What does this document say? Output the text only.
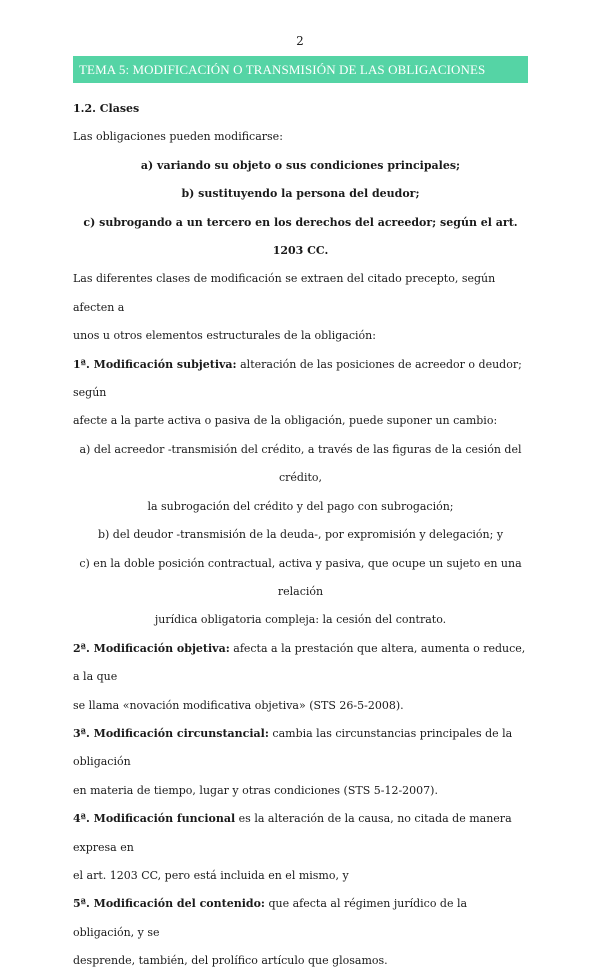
2
TEMA 5: MODIFICACIÓN O TRANSMISIÓN DE LAS OBLIGACIONES

1.2. Clases

Las obligaciones pueden modificarse:

a) variando su objeto o sus condiciones principales;

b) sustituyendo la persona del deudor;

c) subrogando a un tercero en los derechos del acreedor; según el art. 1203 CC.

Las diferentes clases de modificación se extraen del citado precepto, según afecten a

unos u otros elementos estructurales de la obligación:

1ª. Modificación subjetiva: alteración de las posiciones de acreedor o deudor; según

afecte a la parte activa o pasiva de la obligación, puede suponer un cambio:

a) del acreedor -transmisión del crédito, a través de las figuras de la cesión del crédito,

la subrogación del crédito y del pago con subrogación;

b) del deudor -transmisión de la deuda-, por expromisión y delegación; y

c) en la doble posición contractual, activa y pasiva, que ocupe un sujeto en una relación

jurídica obligatoria compleja: la cesión del contrato.

2ª. Modificación objetiva: afecta a la prestación que altera, aumenta o reduce, a la que

se llama «novación modificativa objetiva» (STS 26-5-2008).

3ª. Modificación circunstancial: cambia las circunstancias principales de la obligación

en materia de tiempo, lugar y otras condiciones (STS 5-12-2007).

4ª. Modificación funcional es la alteración de la causa, no citada de manera expresa en

el art. 1203 CC, pero está incluida en el mismo, y

5ª. Modificación del contenido: que afecta al régimen jurídico de la obligación, y se

desprende, también, del prolífico artículo que glosamos.
